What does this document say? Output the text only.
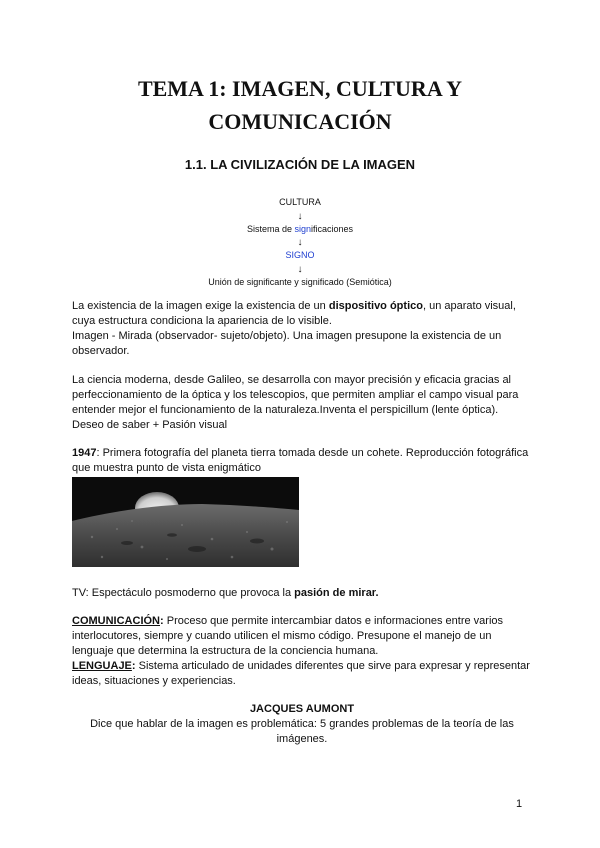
TEMA 1: IMAGEN, CULTURA Y
COMUNICACIÓN
1.1. LA CIVILIZACIÓN DE LA IMAGEN
CULTURA
↓
Sistema de significaciones
↓
SIGNO
↓
Unión de significante y significado (Semiótica)
La existencia de la imagen exige la existencia de un dispositivo óptico, un aparato visual, cuya estructura condiciona la apariencia de lo visible.
Imagen - Mirada (observador- sujeto/objeto). Una imagen presupone la existencia de un observador.
La ciencia moderna, desde Galileo, se desarrolla con mayor precisión y eficacia gracias al perfeccionamiento de la óptica y los telescopios, que permiten ampliar el campo visual para entender mejor el funcionamiento de la naturaleza.Inventa el perspicillum (lente óptica).
Deseo de saber + Pasión visual
1947: Primera fotografía del planeta tierra tomada desde un cohete. Reproducción fotográfica que muestra punto de vista enigmático
TV: Espectáculo posmoderno que provoca la pasión de mirar.
COMUNICACIÓN: Proceso que permite intercambiar datos e informaciones entre varios interlocutores, siempre y cuando utilicen el mismo código. Presupone el manejo de un lenguaje que determina la estructura de la conciencia humana.
LENGUAJE: Sistema articulado de unidades diferentes que sirve para expresar y representar ideas, situaciones y experiencias.
JACQUES AUMONT
Dice que hablar de la imagen es problemática: 5 grandes problemas de la teoría de las imágenes.
1
